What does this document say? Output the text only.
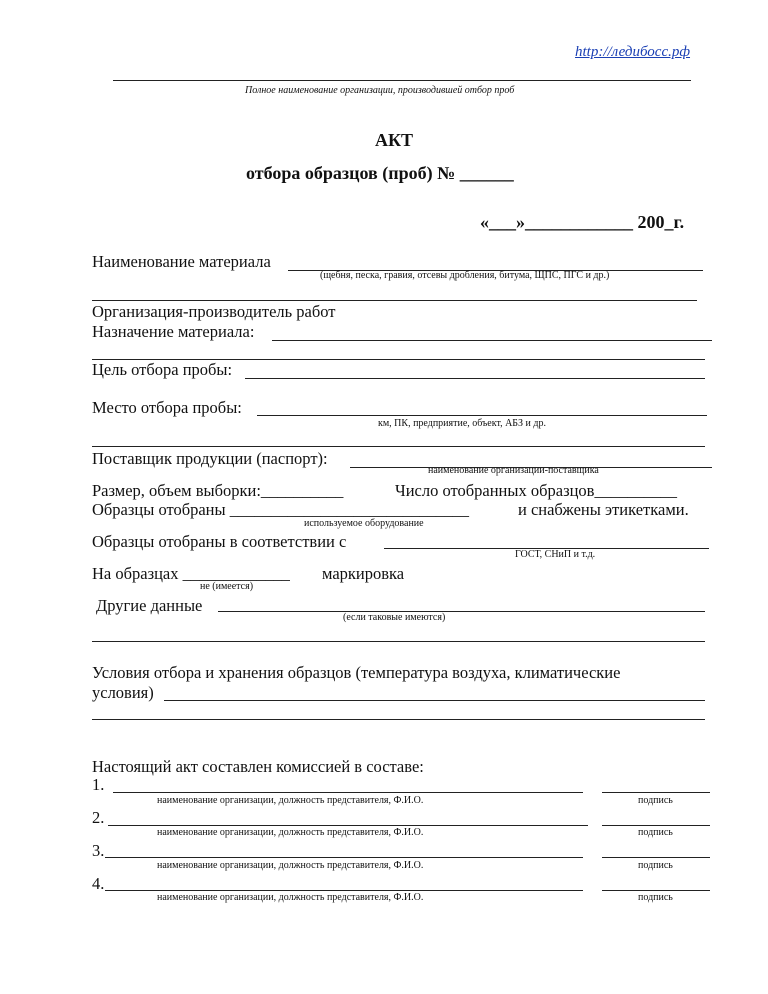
http://ледибосс.рф
Полное наименование организации, производившей отбор проб
АКТ
отбора образцов (проб) № ______
«___»____________ 200_г.
Наименование материала
(щебня, песка, гравия, отсевы дробления, битума, ЩПС, ПГС и др.)
Организация-производитель работ
Назначение материала:
Цель отбора пробы:
Место отбора пробы:
км, ПК, предприятие, объект, АБЗ и др.
Поставщик продукции (паспорт):
наименование организации-поставщика
Размер, объем выборки:__________	Число отобранных образцов__________
Образцы отобраны _____________________________	и снабжены этикетками.
используемое оборудование
Образцы отобраны в соответствии с
ГОСТ, СНиП и т.д.
На образцах _____________ маркировка
не (имеется)
Другие данные
(если таковые имеются)
Условия отбора и хранения образцов (температура воздуха, климатические
условия)
Настоящий акт составлен комиссией в составе:
1.
наименование организации, должность представителя, Ф.И.О.	подпись
2.
наименование организации, должность представителя, Ф.И.О.	подпись
3.
наименование организации, должность представителя, Ф.И.О.	подпись
4.
наименование организации, должность представителя, Ф.И.О.	подпись
